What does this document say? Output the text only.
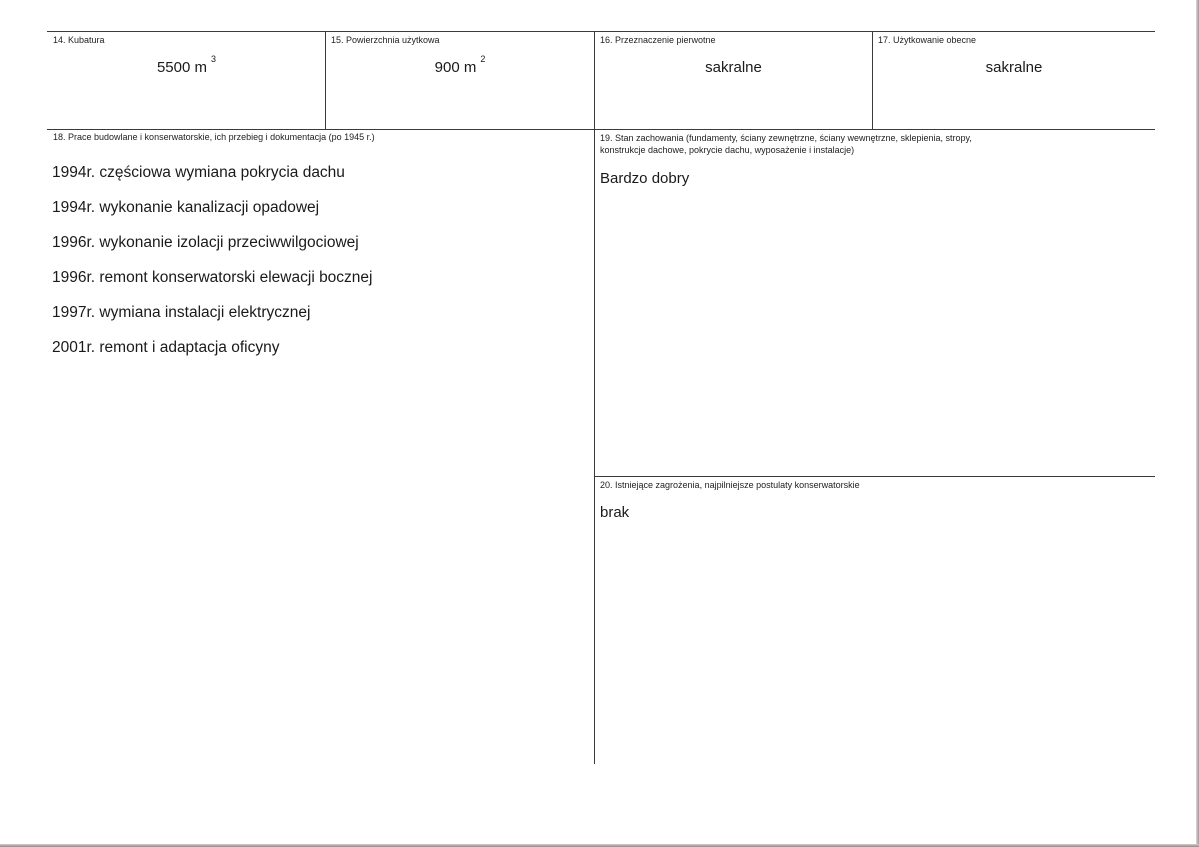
14. Kubatura
5500 m $^3$
15. Powierzchnia użytkowa
900 m $^2$
16. Przeznaczenie pierwotne
sakralne
17. Użytkowanie obecne
sakralne
18. Prace budowlane i konserwatorskie, ich przebieg i dokumentacja (po 1945 r.)
1994r. częściowa wymiana pokrycia dachu
1994r. wykonanie kanalizacji opadowej
1996r. wykonanie izolacji przeciwwilgociowej
1996r. remont konserwatorski elewacji bocznej
1997r. wymiana instalacji elektrycznej
2001r. remont i adaptacja oficyny
19. Stan zachowania (fundamenty, ściany zewnętrzne, ściany wewnętrzne, sklepienia, stropy,
konstrukcje dachowe, pokrycie dachu, wyposażenie i instalacje)
Bardzo dobry
20. Istniejące zagrożenia, najpilniejsze postulaty konserwatorskie
brak
